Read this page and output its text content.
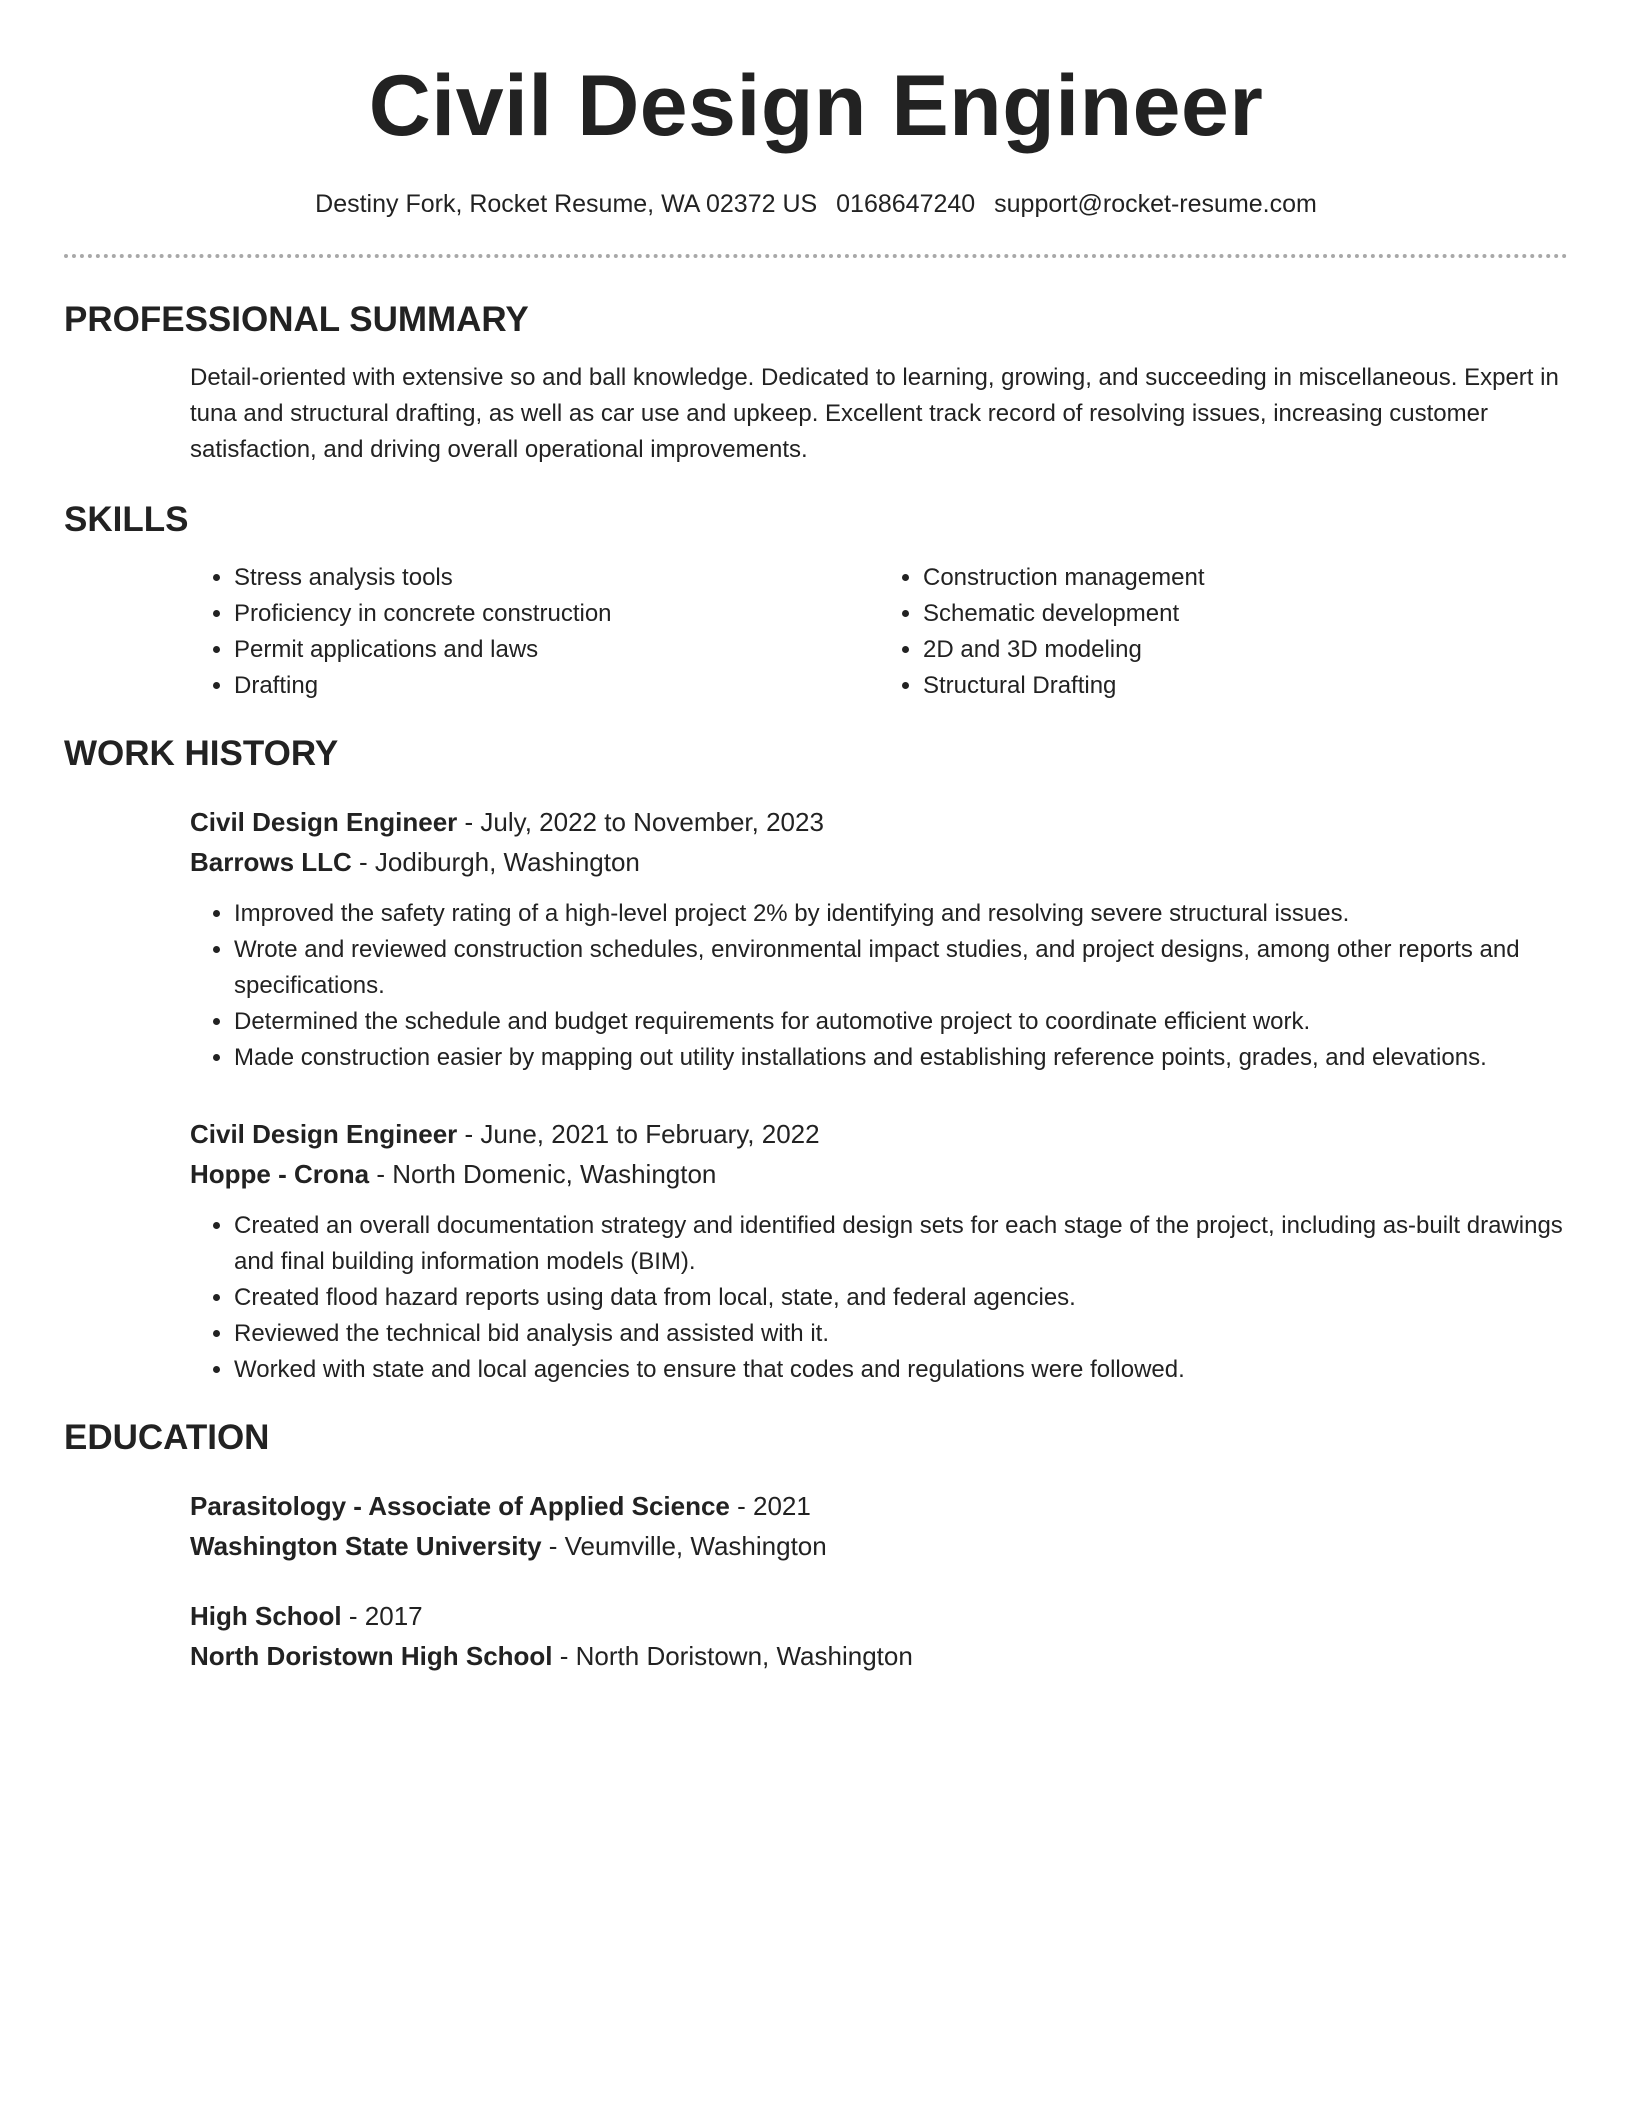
Civil Design Engineer
Destiny Fork, Rocket Resume, WA 02372 US 0168647240 support@rocket-resume.com
PROFESSIONAL SUMMARY

Detail-oriented with extensive so and ball knowledge. Dedicated to learning, growing, and succeeding in miscellaneous. Expert in tuna and structural drafting, as well as car use and upkeep. Excellent track record of resolving issues, increasing customer satisfaction, and driving overall operational improvements.

SKILLS
• Stress analysis tools
• Proficiency in concrete construction
• Permit applications and laws
• Drafting
• Construction management
• Schematic development
• 2D and 3D modeling
• Structural Drafting
WORK HISTORY
Civil Design Engineer - July, 2022 to November, 2023
Barrows LLC - Jodiburgh, Washington
• Improved the safety rating of a high-level project 2% by identifying and resolving severe structural issues.
• Wrote and reviewed construction schedules, environmental impact studies, and project designs, among other reports and specifications.
• Determined the schedule and budget requirements for automotive project to coordinate efficient work.
• Made construction easier by mapping out utility installations and establishing reference points, grades, and elevations.
Civil Design Engineer - June, 2021 to February, 2022
Hoppe - Crona - North Domenic, Washington
• Created an overall documentation strategy and identified design sets for each stage of the project, including as-built drawings and final building information models (BIM).
• Created flood hazard reports using data from local, state, and federal agencies.
• Reviewed the technical bid analysis and assisted with it.
• Worked with state and local agencies to ensure that codes and regulations were followed.
EDUCATION
Parasitology - Associate of Applied Science - 2021
Washington State University - Veumville, Washington
High School - 2017
North Doristown High School - North Doristown, Washington
